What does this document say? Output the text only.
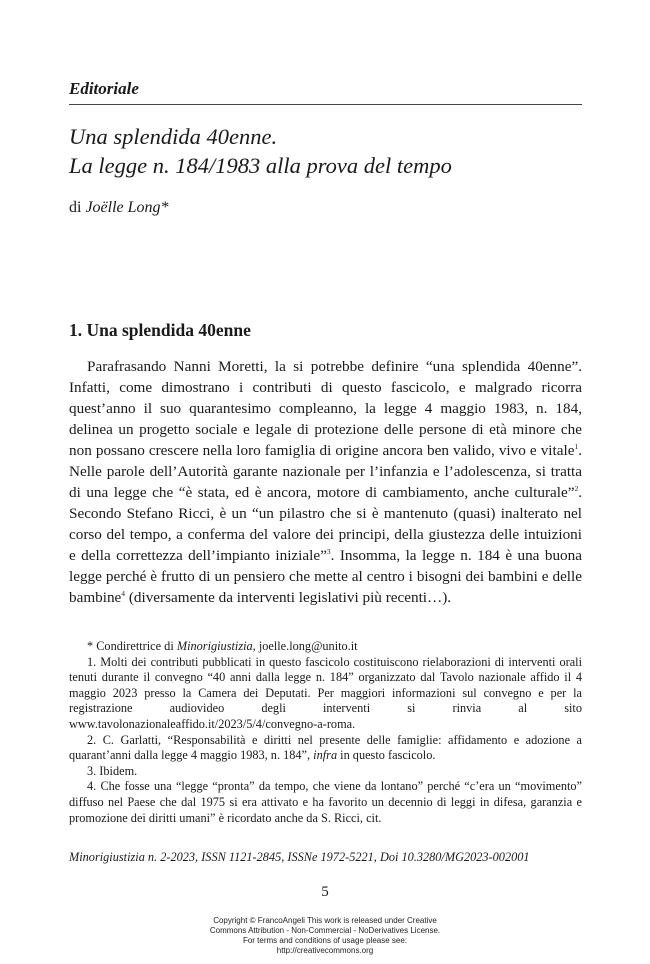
Editoriale
Una splendida 40enne.
La legge n. 184/1983 alla prova del tempo
di Joëlle Long*
1. Una splendida 40enne

Parafrasando Nanni Moretti, la si potrebbe definire “una splendida 40enne”. Infatti, come dimostrano i contributi di questo fascicolo, e malgrado ricorra quest’anno il suo quarantesimo compleanno, la legge 4 maggio 1983, n. 184, delinea un progetto sociale e legale di protezione delle persone di età minore che non possano crescere nella loro famiglia di origine ancora ben valido, vivo e vitale$^1$. Nelle parole dell’Autorità garante nazionale per l’infanzia e l’adolescenza, si tratta di una legge che “è stata, ed è ancora, motore di cambiamento, anche culturale”$^2$. Secondo Stefano Ricci, è un “un pilastro che si è mantenuto (quasi) inalterato nel corso del tempo, a conferma del valore dei principi, della giustezza delle intuizioni e della correttezza dell’impianto iniziale”$^3$. Insomma, la legge n. 184 è una buona legge perché è frutto di un pensiero che mette al centro i bisogni dei bambini e delle bambine$^4$ (diversamente da interventi legislativi più recenti…).

* Condirettrice di Minorigiustizia, joelle.long@unito.it

1. Molti dei contributi pubblicati in questo fascicolo costituiscono rielaborazioni di interventi orali tenuti durante il convegno “40 anni dalla legge n. 184” organizzato dal Tavolo nazionale affido il 4 maggio 2023 presso la Camera dei Deputati. Per maggiori informazioni sul convegno e per la registrazione audiovideo degli interventi si rinvia al sito www.tavolonazionaleaffido.it/2023/5/4/convegno-a-roma.

2. C. Garlatti, “Responsabilità e diritti nel presente delle famiglie: affidamento e adozione a quarant’anni dalla legge 4 maggio 1983, n. 184”, infra in questo fascicolo.

3. Ibidem.

4. Che fosse una “legge “pronta” da tempo, che viene da lontano” perché “c’era un “movimento” diffuso nel Paese che dal 1975 si era attivato e ha favorito un decennio di leggi in difesa, garanzia e promozione dei diritti umani” è ricordato anche da S. Ricci, cit.

Minorigiustizia n. 2-2023, ISSN 1121-2845, ISSNe 1972-5221, Doi 10.3280/MG2023-002001
5
Copyright © FrancoAngeli This work is released under Creative
Commons Attribution - Non-Commercial - NoDerivatives License.
For terms and conditions of usage please see:
http://creativecommons.org
